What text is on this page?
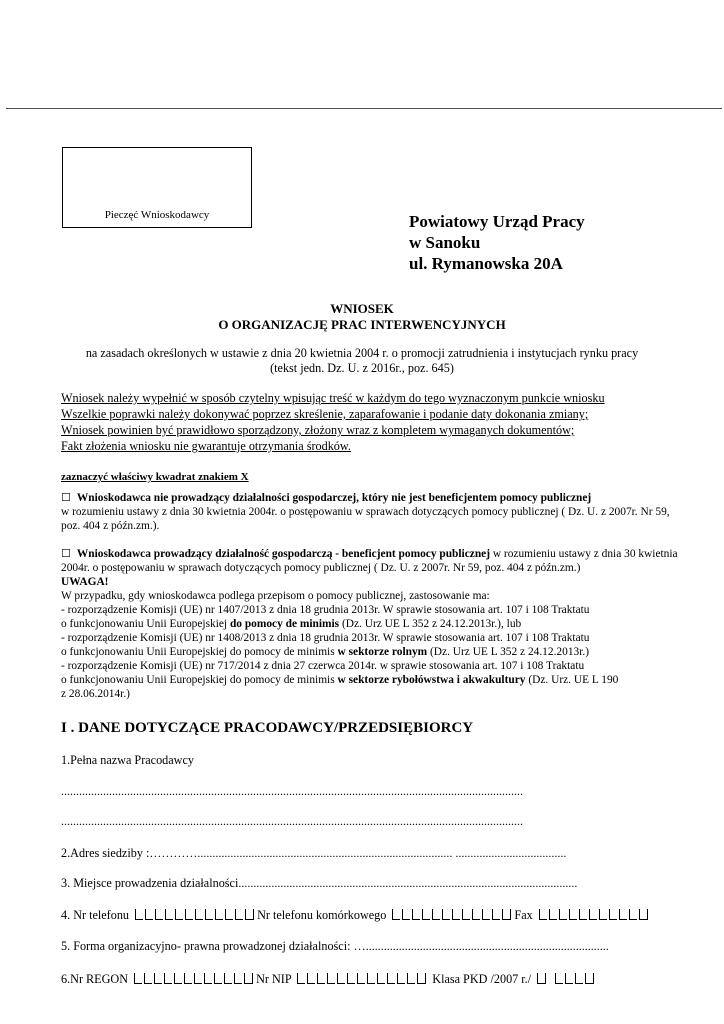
Pieczęć Wnioskodawcy	Powiatowy Urząd Pracy
w Sanoku
ul. Rymanowska 20A
WNIOSEK
O ORGANIZACJĘ PRAC INTERWENCYJNYCH
na zasadach określonych w ustawie z dnia 20 kwietnia 2004 r. o promocji zatrudnienia i instytucjach rynku pracy
(tekst jedn. Dz. U. z 2016r., poz. 645)
Wniosek należy wypełnić w sposób czytelny wpisując treść w każdym do tego wyznaczonym punkcie wniosku
Wszelkie poprawki należy dokonywać poprzez skreślenie, zaparafowanie i podanie daty dokonania zmiany;
Wniosek powinien być prawidłowo sporządzony, złożony wraz z kompletem wymaganych dokumentów;
Fakt złożenia wniosku nie gwarantuje otrzymania środków.
zaznaczyć właściwy kwadrat znakiem X
☐ Wnioskodawca nie prowadzący działalności gospodarczej, który nie jest beneficjentem pomocy publicznej
w rozumieniu ustawy z dnia 30 kwietnia 2004r. o postępowaniu w sprawach dotyczących pomocy publicznej ( Dz. U. z 2007r. Nr 59, poz. 404 z późn.zm.).
☐ Wnioskodawca prowadzący działalność gospodarczą - beneficjent pomocy publicznej w rozumieniu ustawy z dnia 30 kwietnia 2004r. o postępowaniu w sprawach dotyczących pomocy publicznej ( Dz. U. z 2007r. Nr 59, poz. 404 z późn.zm.)
UWAGA!
W przypadku, gdy wnioskodawca podlega przepisom o pomocy publicznej, zastosowanie ma:
- rozporządzenie Komisji (UE) nr 1407/2013 z dnia 18 grudnia 2013r. W sprawie stosowania art. 107 i 108 Traktatu
o funkcjonowaniu Unii Europejskiej do pomocy de minimis (Dz. Urz UE L 352 z 24.12.2013r.), lub
- rozporządzenie Komisji (UE) nr 1408/2013 z dnia 18 grudnia 2013r. W sprawie stosowania art. 107 i 108 Traktatu
o funkcjonowaniu Unii Europejskiej do pomocy de minimis w sektorze rolnym (Dz. Urz UE L 352 z 24.12.2013r.)
- rozporządzenie Komisji (UE) nr 717/2014 z dnia 27 czerwca 2014r. w sprawie stosowania art. 107 i 108 Traktatu
o funkcjonowaniu Unii Europejskiej do pomocy de minimis w sektorze rybołówstwa i akwakultury (Dz. Urz. UE L 190
z 28.06.2014r.)
I . DANE DOTYCZĄCE PRACODAWCY/PRZEDSIĘBIORCY
1.Pełna nazwa Pracodawcy
..........................................................................................................................................................
..........................................................................................................................................................
2.Adres siedziby :…………..................................................................................... .....................................
3. Miejsce prowadzenia działalności.................................................................................................................
4. Nr telefonu	Nr telefonu komórkowego	Fax
5. Forma organizacyjno- prawna prowadzonej działalności: ….................................................................................
6.Nr REGON	Nr NIP	Klasa PKD /2007 r./
